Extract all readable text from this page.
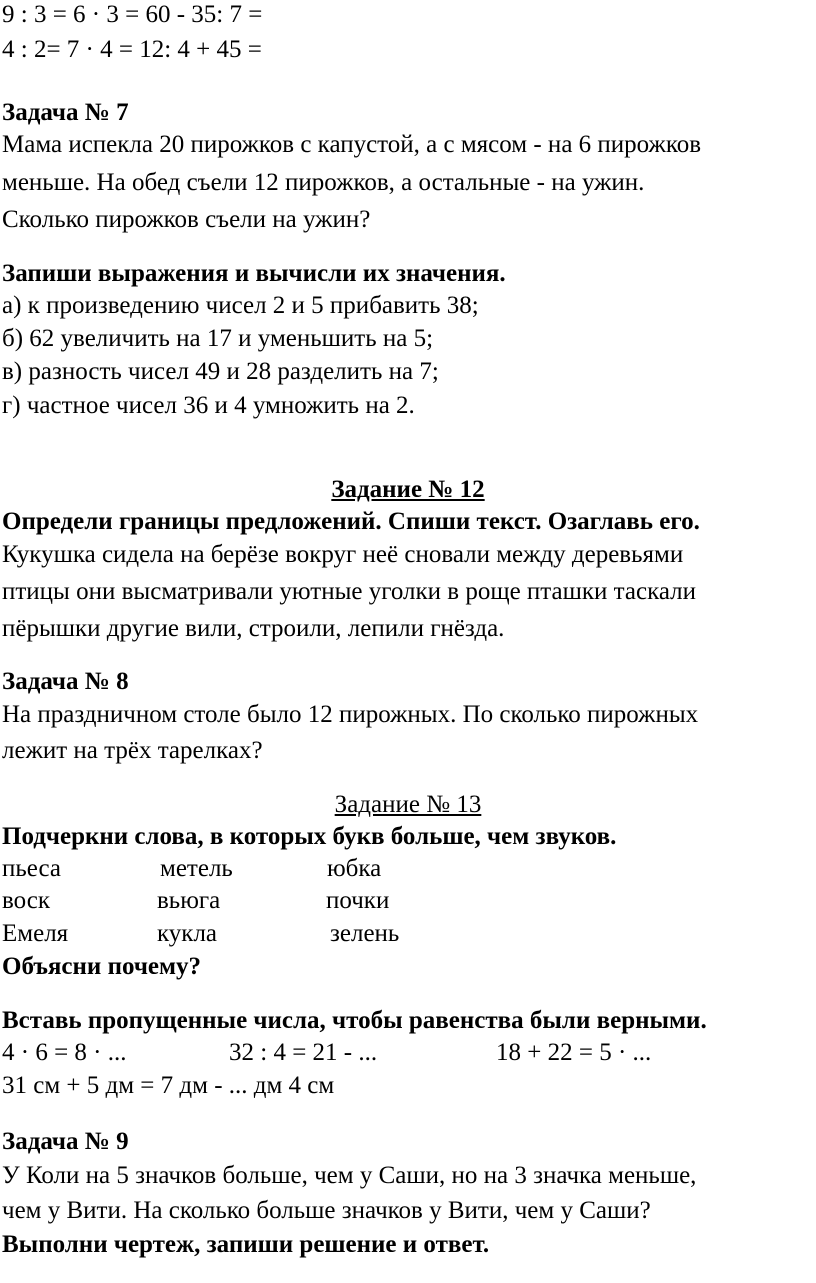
9 : 3 = 6 · 3 = 60 - 35: 7 =
4 : 2= 7 · 4 = 12: 4 + 45 =
Задача № 7
Мама испекла 20 пирожков с капустой, а с мясом - на 6 пирожков
меньше. На обед съели 12 пирожков, а остальные - на ужин.
Сколько пирожков съели на ужин?
Запиши выражения и вычисли их значения.
а) к произведению чисел 2 и 5 прибавить 38;
б) 62 увеличить на 17 и уменьшить на 5;
в) разность чисел 49 и 28 разделить на 7;
г) частное чисел 36 и 4 умножить на 2.
Задание № 12
Определи границы предложений. Спиши текст. Озаглавь его.
Кукушка сидела на берёзе вокруг неё сновали между деревьями
птицы они высматривали уютные уголки в роще пташки таскали
пёрышки другие вили, строили, лепили гнёзда.
Задача № 8
На праздничном столе было 12 пирожных. По сколько пирожных
лежит на трёх тарелках?
Задание № 13
Подчеркни слова, в которых букв больше, чем звуков.
пьеса	метель	юбка
воск	вьюга	почки
Емеля	кукла	зелень
Объясни почему?
Вставь пропущенные числа, чтобы равенства были верными.
4 · 6 = 8 · ...	32 : 4 = 21 - ...	18 + 22 = 5 · ...
31 см + 5 дм = 7 дм - ... дм 4 см
Задача № 9
У Коли на 5 значков больше, чем у Саши, но на 3 значка меньше,
чем у Вити. На сколько больше значков у Вити, чем у Саши?
Выполни чертеж, запиши решение и ответ.
